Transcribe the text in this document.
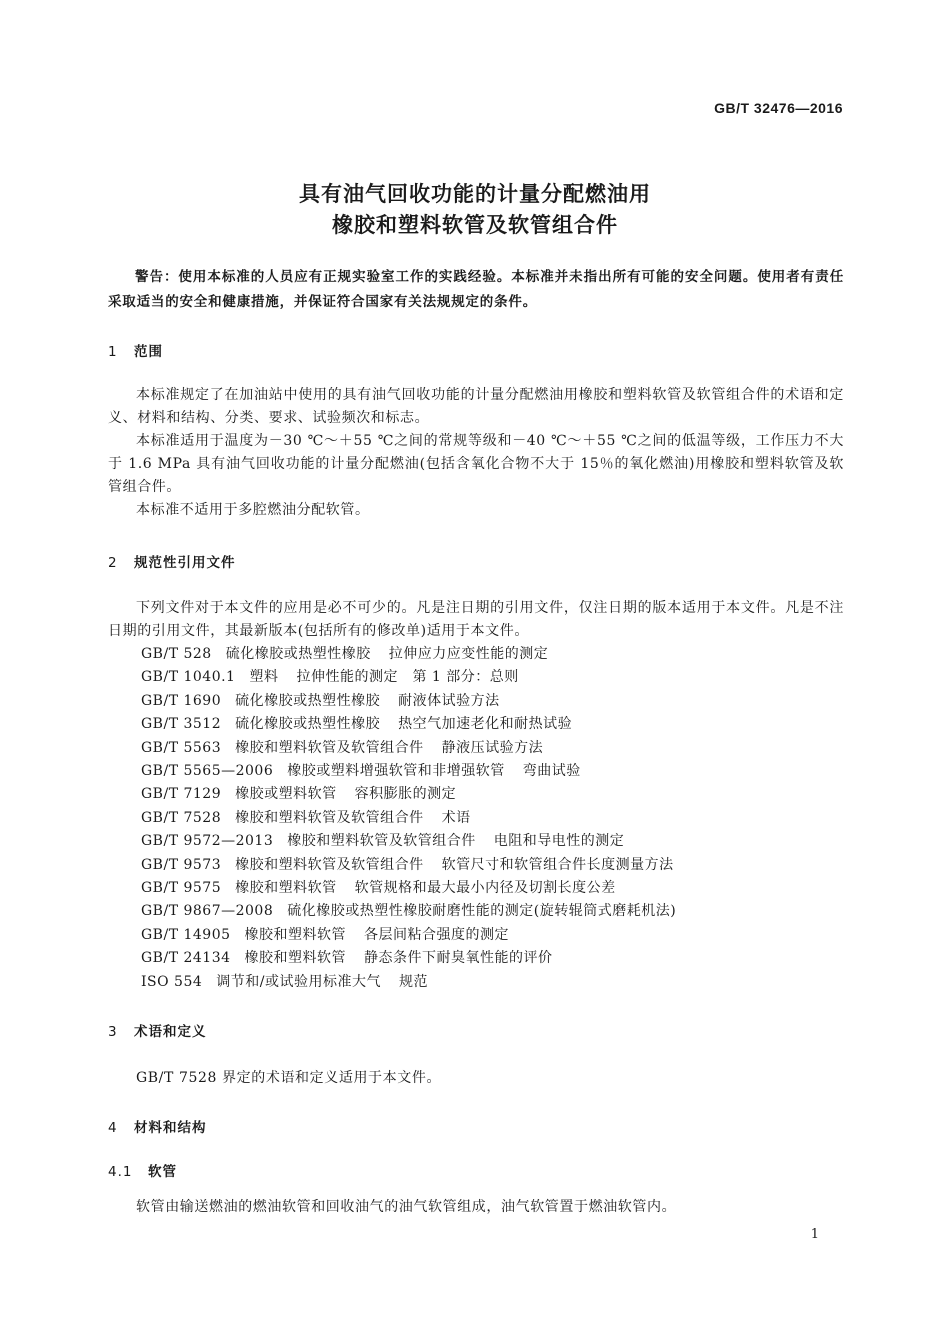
GB/T 32476—2016
具有油气回收功能的计量分配燃油用
橡胶和塑料软管及软管组合件
警告：使用本标准的人员应有正规实验室工作的实践经验。本标准并未指出所有可能的安全问题。使用者有责任采取适当的安全和健康措施，并保证符合国家有关法规规定的条件。
1 范围
本标准规定了在加油站中使用的具有油气回收功能的计量分配燃油用橡胶和塑料软管及软管组合件的术语和定义、材料和结构、分类、要求、试验频次和标志。
本标准适用于温度为－30 ℃～＋55 ℃之间的常规等级和－40 ℃～＋55 ℃之间的低温等级，工作压力不大于 1.6 MPa 具有油气回收功能的计量分配燃油(包括含氧化合物不大于 15％的氧化燃油)用橡胶和塑料软管及软管组合件。
本标准不适用于多腔燃油分配软管。
2 规范性引用文件
下列文件对于本文件的应用是必不可少的。凡是注日期的引用文件，仅注日期的版本适用于本文件。凡是不注日期的引用文件，其最新版本(包括所有的修改单)适用于本文件。
GB/T 528 硫化橡胶或热塑性橡胶 拉伸应力应变性能的测定
GB/T 1040.1 塑料 拉伸性能的测定　第 1 部分：总则
GB/T 1690 硫化橡胶或热塑性橡胶 耐液体试验方法
GB/T 3512 硫化橡胶或热塑性橡胶 热空气加速老化和耐热试验
GB/T 5563 橡胶和塑料软管及软管组合件 静液压试验方法
GB/T 5565—2006 橡胶或塑料增强软管和非增强软管 弯曲试验
GB/T 7129 橡胶或塑料软管 容积膨胀的测定
GB/T 7528 橡胶和塑料软管及软管组合件 术语
GB/T 9572—2013 橡胶和塑料软管及软管组合件 电阻和导电性的测定
GB/T 9573 橡胶和塑料软管及软管组合件 软管尺寸和软管组合件长度测量方法
GB/T 9575 橡胶和塑料软管 软管规格和最大最小内径及切割长度公差
GB/T 9867—2008 硫化橡胶或热塑性橡胶耐磨性能的测定(旋转辊筒式磨耗机法)
GB/T 14905 橡胶和塑料软管 各层间粘合强度的测定
GB/T 24134 橡胶和塑料软管 静态条件下耐臭氧性能的评价
ISO 554 调节和/或试验用标准大气 规范
3 术语和定义
GB/T 7528 界定的术语和定义适用于本文件。
4 材料和结构
4.1 软管
软管由输送燃油的燃油软管和回收油气的油气软管组成，油气软管置于燃油软管内。
1
